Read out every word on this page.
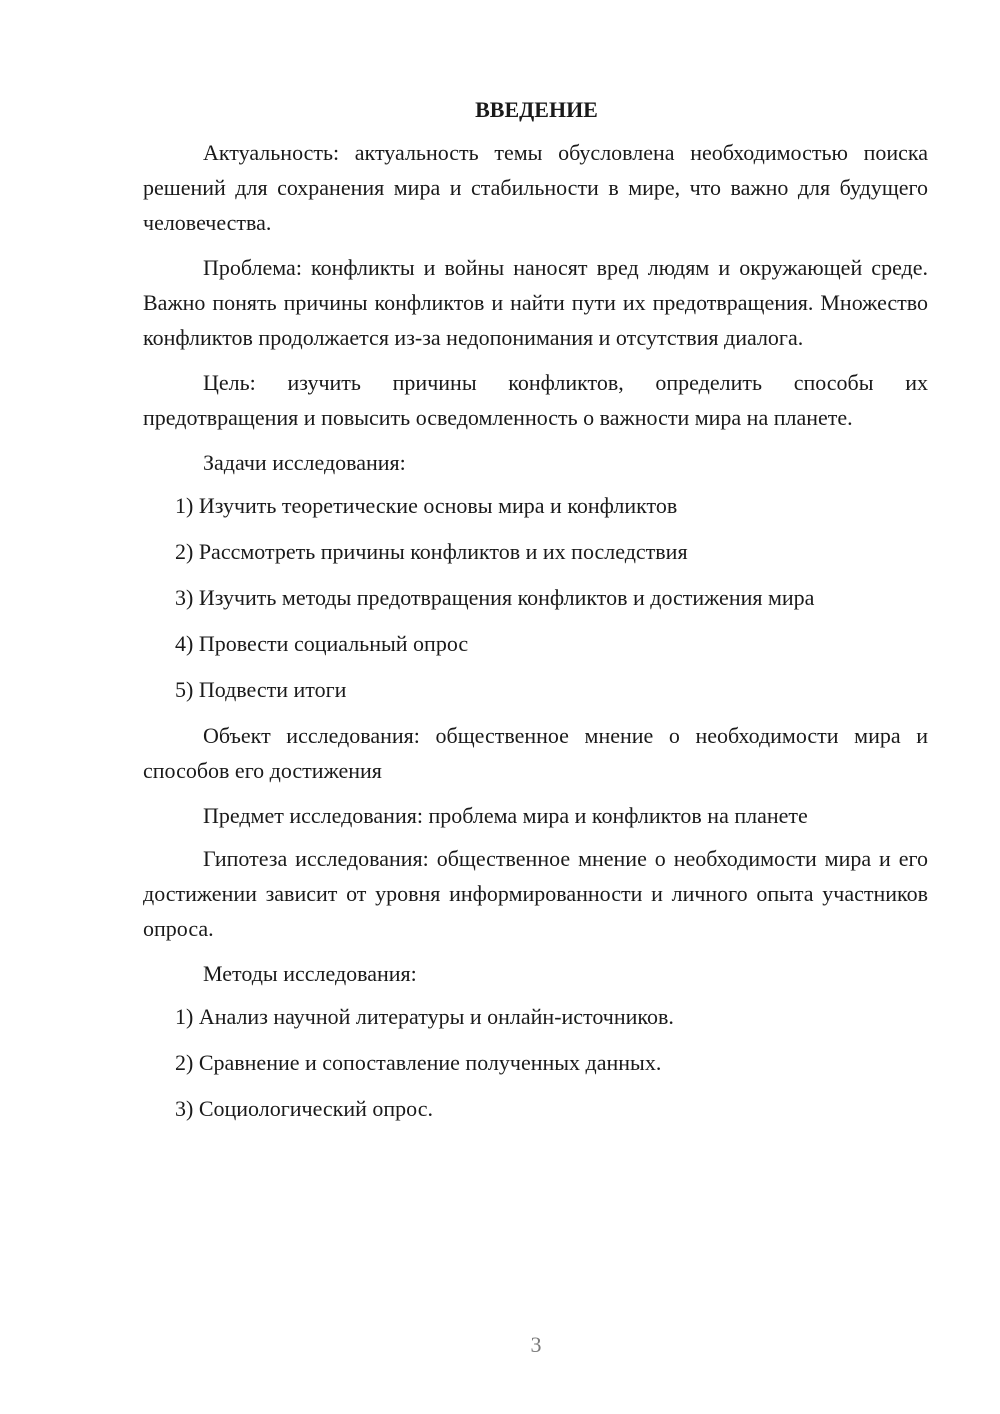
ВВЕДЕНИЕ

Актуальность: актуальность темы обусловлена необходимостью поиска решений для сохранения мира и стабильности в мире, что важно для будущего человечества.

Проблема: конфликты и войны наносят вред людям и окружающей среде. Важно понять причины конфликтов и найти пути их предотвращения. Множество конфликтов продолжается из-за недопонимания и отсутствия диалога.

Цель: изучить причины конфликтов, определить способы их предотвращения и повысить осведомленность о важности мира на планете.

Задачи исследования:

1) Изучить теоретические основы мира и конфликтов
2) Рассмотреть причины конфликтов и их последствия
3) Изучить методы предотвращения конфликтов и достижения мира
4) Провести социальный опрос
5) Подвести итоги

Объект исследования: общественное мнение о необходимости мира и способов его достижения

Предмет исследования: проблема мира и конфликтов на планете

Гипотеза исследования: общественное мнение о необходимости мира и его достижении зависит от уровня информированности и личного опыта участников опроса.

Методы исследования:

1) Анализ научной литературы и онлайн-источников.
2) Сравнение и сопоставление полученных данных.
3) Социологический опрос.
3
